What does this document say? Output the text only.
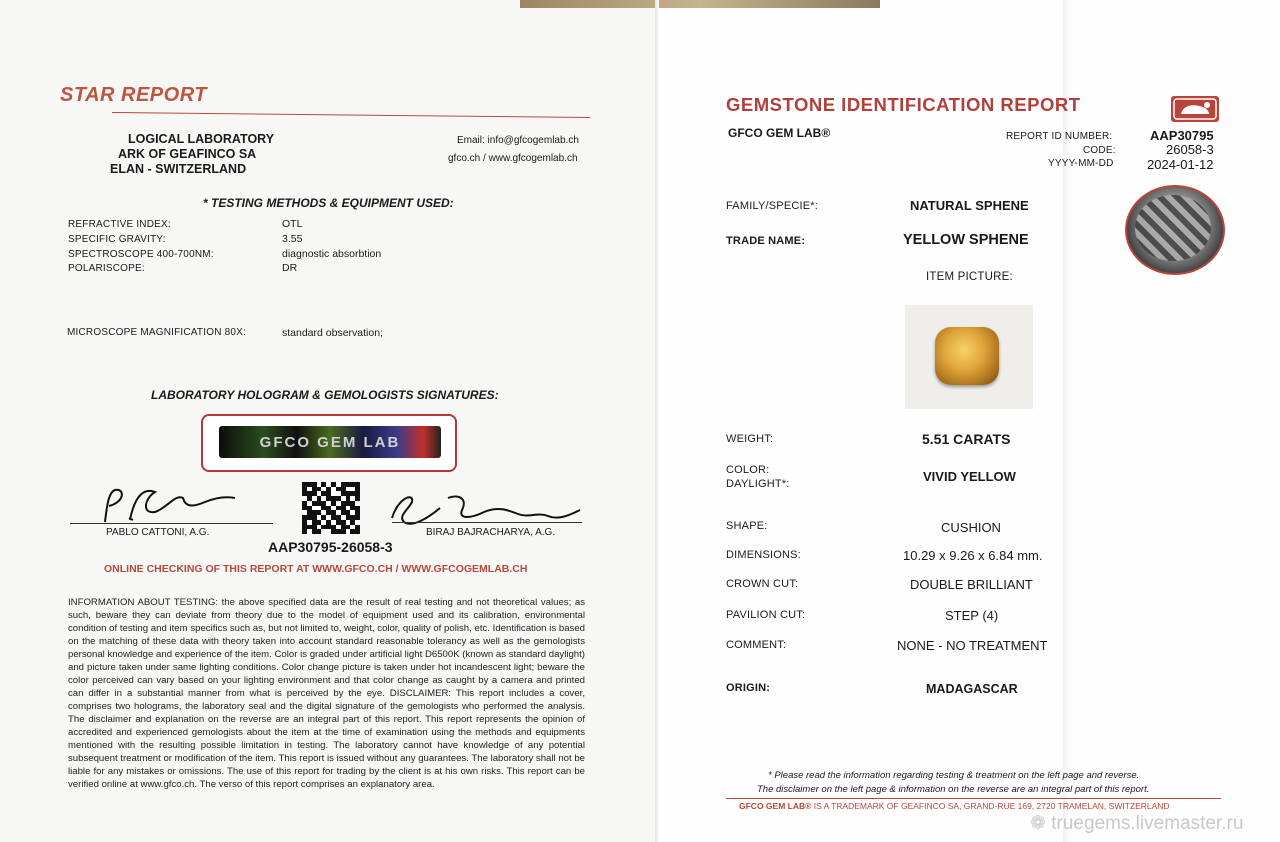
STAR REPORT
LOGICAL LABORATORY
ARK OF GEAFINCO SA
ELAN - SWITZERLAND
Email: info@gfcogemlab.ch
gfco.ch / www.gfcogemlab.ch
* TESTING METHODS & EQUIPMENT USED:
REFRACTIVE INDEX:	OTL
SPECIFIC GRAVITY:	3.55
SPECTROSCOPE 400-700NM:	diagnostic absorbtion
POLARISCOPE:	DR
MICROSCOPE MAGNIFICATION 80X:	standard observation;
LABORATORY HOLOGRAM & GEMOLOGISTS SIGNATURES:
GFCO GEM LAB
PABLO CATTONI, A.G.	BIRAJ BAJRACHARYA, A.G.
AAP30795-26058-3
ONLINE CHECKING OF THIS REPORT AT WWW.GFCO.CH / WWW.GFCOGEMLAB.CH
INFORMATION ABOUT TESTING: the above specified data are the result of real testing and not theoretical values; as such, beware they can deviate from theory due to the model of equipment used and its calibration, environmental condition of testing and item specifics such as, but not limited to, weight, color, quality of polish, etc. Identification is based on the matching of these data with theory taken into account standard reasonable tolerancy as well as the gemologists personal knowledge and experience of the item. Color is graded under artificial light D6500K (known as standard daylight) and picture taken under same lighting conditions. Color change picture is taken under hot incandescent light; beware the color perceived can vary based on your lighting environment and that color change as caught by a camera and printed can differ in a substantial manner from what is perceived by the eye. DISCLAIMER: This report includes a cover, comprises two holograms, the laboratory seal and the digital signature of the gemologists who performed the analysis. The disclaimer and explanation on the reverse are an integral part of this report. This report represents the opinion of accredited and experienced gemologists about the item at the time of examination using the methods and equipments mentioned with the resulting possible limitation in testing. The laboratory cannot have knowledge of any potential subsequent treatment or modification of the item. This report is issued without any guarantees. The laboratory shall not be liable for any mistakes or omissions. The use of this report for trading by the client is at his own risks. This report can be verified online at www.gfco.ch. The verso of this report comprises an explanatory area.
GEMSTONE IDENTIFICATION REPORT
GFCO GEM LAB®	REPORT ID NUMBER:	AAP30795
CODE:	26058-3
YYYY-MM-DD	2024-01-12
FAMILY/SPECIE*:	NATURAL SPHENE
TRADE NAME:	YELLOW SPHENE
ITEM PICTURE:
WEIGHT:	5.51 CARATS
COLOR:
DAYLIGHT*:	VIVID YELLOW
SHAPE:	CUSHION
DIMENSIONS:	10.29 x 9.26 x 6.84 mm.
CROWN CUT:	DOUBLE BRILLIANT
PAVILION CUT:	STEP (4)
COMMENT:	NONE - NO TREATMENT
ORIGIN:	MADAGASCAR
* Please read the information regarding testing & treatment on the left page and reverse.
The disclaimer on the left page & information on the reverse are an integral part of this report.
GFCO GEM LAB® IS A TRADEMARK OF GEAFINCO SA, GRAND-RUE 169, 2720 TRAMELAN, SWITZERLAND
❁ truegems.livemaster.ru
